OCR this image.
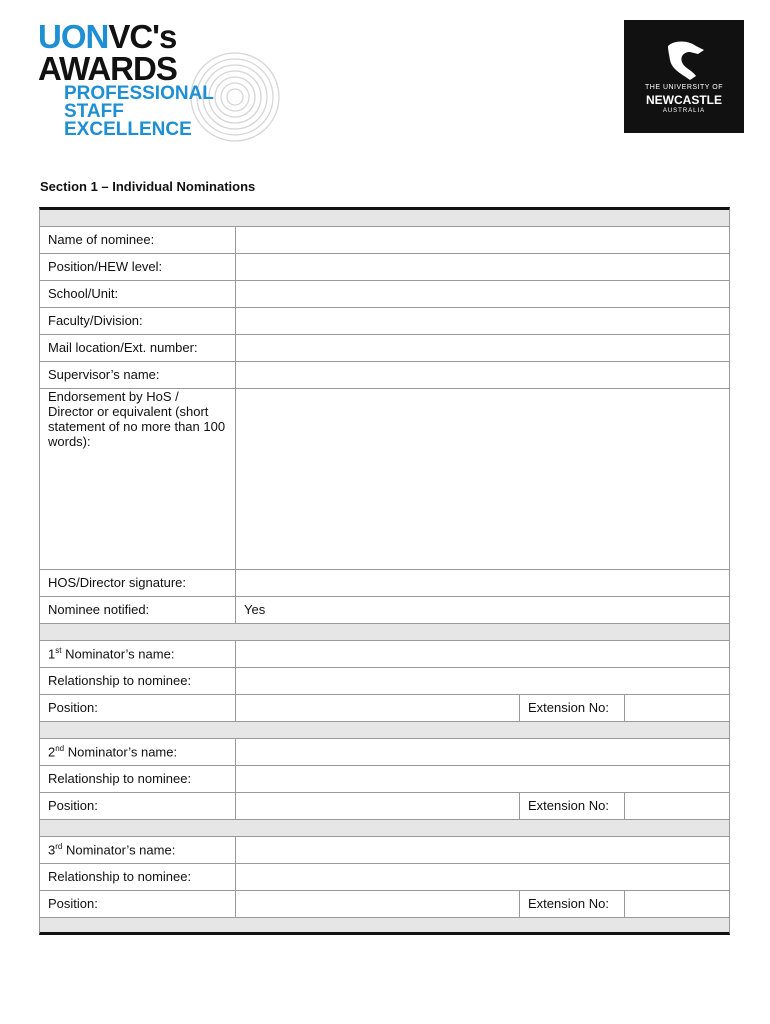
UONVC's
AWARDS
PROFESSIONAL
STAFF
EXCELLENCE
THE UNIVERSITY OF
NEWCASTLE
AUSTRALIA
Section 1 – Individual Nominations
Name of nominee:
Position/HEW level:
School/Unit:
Faculty/Division:
Mail location/Ext. number:
Supervisor’s name:
Endorsement by HoS / Director or equivalent (short statement of no more than 100 words):
HOS/Director signature:
Nominee notified:	Yes
1st Nominator’s name:
Relationship to nominee:
Position:	Extension No:
2nd Nominator’s name:
Relationship to nominee:
Position:	Extension No:
3rd Nominator’s name:
Relationship to nominee:
Position:	Extension No:
